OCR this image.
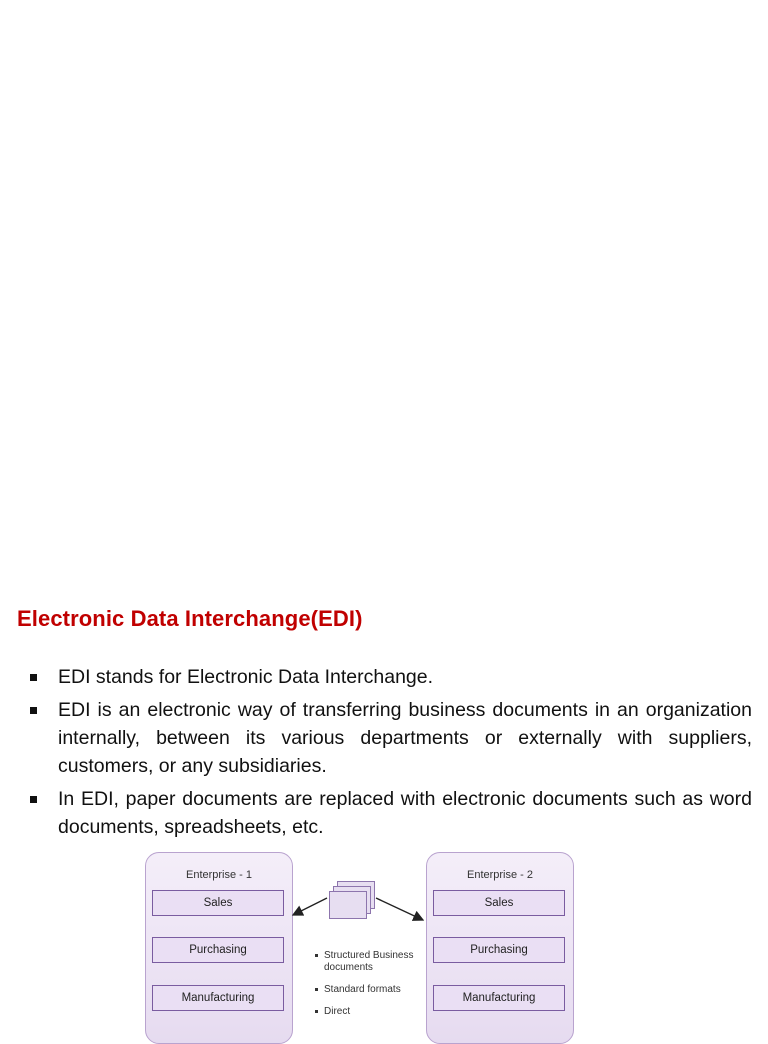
Electronic Data Interchange(EDI)
EDI stands for Electronic Data Interchange.
EDI is an electronic way of transferring business documents in an organization internally, between its various departments or externally with suppliers, customers, or any subsidiaries.
In EDI, paper documents are replaced with electronic documents such as word documents, spreadsheets, etc.
Enterprise - 1
Sales
Purchasing
Manufacturing
Structured Business documents
Standard formats
Direct
Enterprise - 2
Sales
Purchasing
Manufacturing
